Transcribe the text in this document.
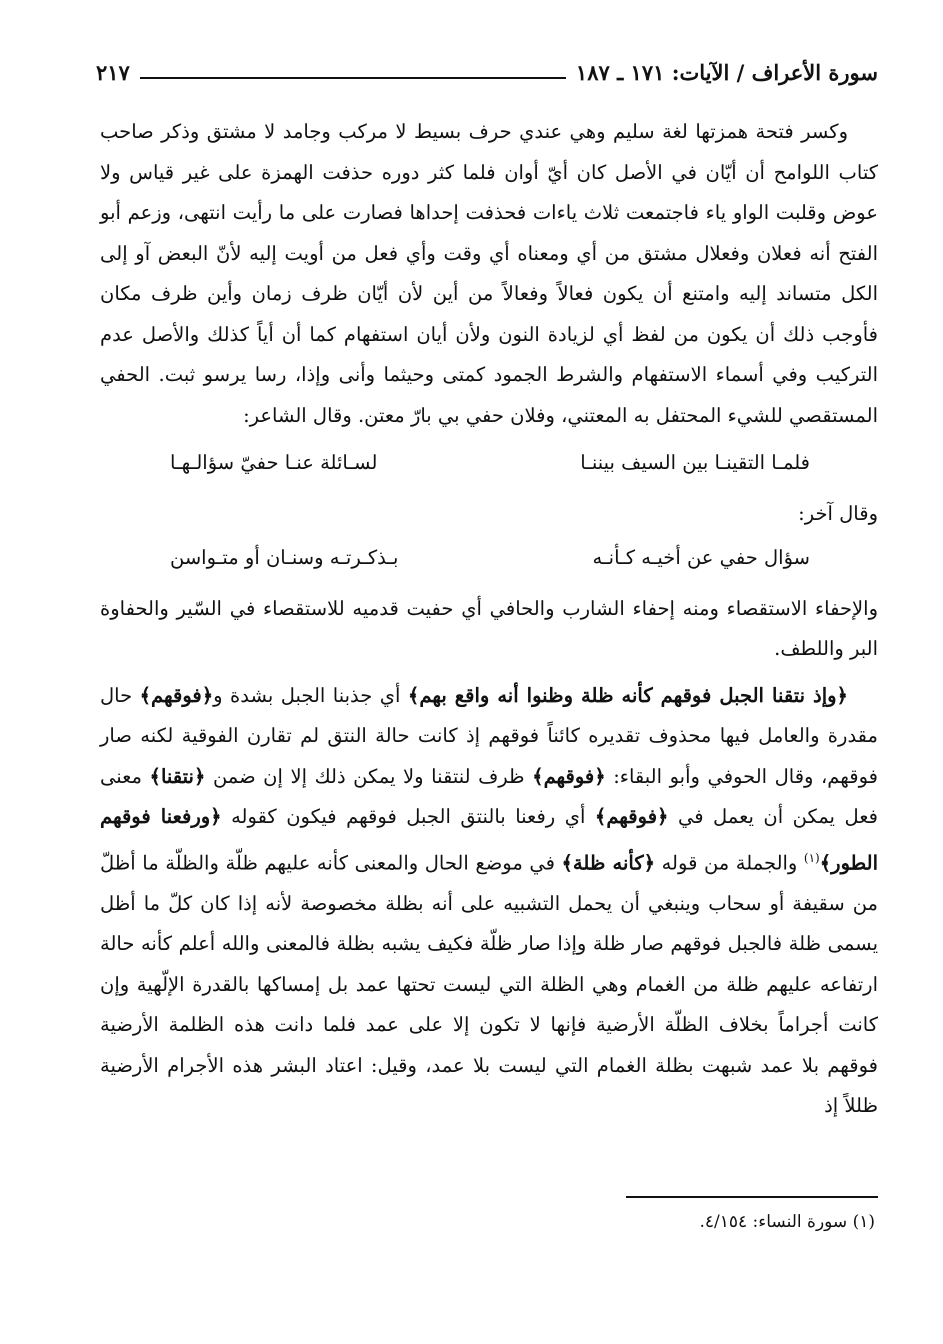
سورة الأعراف / الآيات: ١٧١ ـ ١٨٧
٢١٧

وكسر فتحة همزتها لغة سليم وهي عندي حرف بسيط لا مركب وجامد لا مشتق وذكر صاحب كتاب اللوامح أن أيّان في الأصل كان أيّ أوان فلما كثر دوره حذفت الهمزة على غير قياس ولا عوض وقلبت الواو ياء فاجتمعت ثلاث ياءات فحذفت إحداها فصارت على ما رأيت انتهى، وزعم أبو الفتح أنه فعلان وفعلال مشتق من أي ومعناه أي وقت وأي فعل من أويت إليه لأنّ البعض آو إلى الكل متساند إليه وامتنع أن يكون فعالاً وفعالاً من أين لأن أيّان ظرف زمان وأين ظرف مكان فأوجب ذلك أن يكون من لفظ أي لزيادة النون ولأن أيان استفهام كما أن أياً كذلك والأصل عدم التركيب وفي أسماء الاستفهام والشرط الجمود كمتى وحيثما وأنى وإذا، رسا يرسو ثبت. الحفي المستقصي للشيء المحتفل به المعتني، وفلان حفي بي بارّ معتن. وقال الشاعر:

فلمـا التقينـا بين السيف بيننـا
لسـائلة عنـا حفيّ سؤالـهـا

وقال آخر:

سؤال حفي عن أخيـه كـأنـه
بـذكـرتـه وسنـان أو متـواسن

والإحفاء الاستقصاء ومنه إحفاء الشارب والحافي أي حفيت قدميه للاستقصاء في السّير والحفاوة البر واللطف.

﴿وإذ نتقنا الجبل فوقهم كأنه ظلة وظنوا أنه واقع بهم﴾ أي جذبنا الجبل بشدة و﴿فوقهم﴾ حال مقدرة والعامل فيها محذوف تقديره كائناً فوقهم إذ كانت حالة النتق لم تقارن الفوقية لكنه صار فوقهم، وقال الحوفي وأبو البقاء: ﴿فوقهم﴾ ظرف لنتقنا ولا يمكن ذلك إلا إن ضمن ﴿نتقنا﴾ معنى فعل يمكن أن يعمل في ﴿فوقهم﴾ أي رفعنا بالنتق الجبل فوقهم فيكون كقوله ﴿ورفعنا فوقهم الطور﴾$^{(١)}$ والجملة من قوله ﴿كأنه ظلة﴾ في موضع الحال والمعنى كأنه عليهم ظلّة والظلّة ما أظلّ من سقيفة أو سحاب وينبغي أن يحمل التشبيه على أنه بظلة مخصوصة لأنه إذا كان كلّ ما أظل يسمى ظلة فالجبل فوقهم صار ظلة وإذا صار ظلّة فكيف يشبه بظلة فالمعنى والله أعلم كأنه حالة ارتفاعه عليهم ظلة من الغمام وهي الظلة التي ليست تحتها عمد بل إمساكها بالقدرة الإلّهية وإن كانت أجراماً بخلاف الظلّة الأرضية فإنها لا تكون إلا على عمد فلما دانت هذه الظلمة الأرضية فوقهم بلا عمد شبهت بظلة الغمام التي ليست بلا عمد، وقيل: اعتاد البشر هذه الأجرام الأرضية ظللاً إذ

(١) سورة النساء: ٤/١٥٤.
